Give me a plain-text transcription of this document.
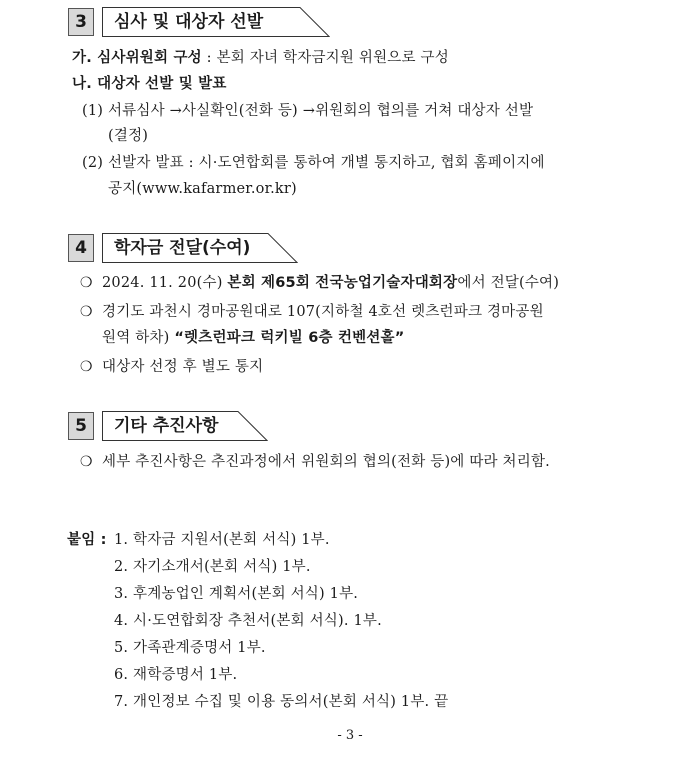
3	심사 및 대상자 선발
가. 심사위원회 구성 : 본회 자녀 학자금지원 위원으로 구성
나. 대상자 선발 및 발표
(1) 서류심사 →사실확인(전화 등) →위원회의 협의를 거쳐 대상자 선발
(결정)
(2) 선발자 발표 : 시·도연합회를 통하여 개별 통지하고, 협회 홈페이지에
공지(www.kafarmer.or.kr)
4	학자금 전달(수여)
❍ 2024. 11. 20(수) 본회 제65회 전국농업기술자대회장에서 전달(수여)
❍ 경기도 과천시 경마공원대로 107(지하철 4호선 렛츠런파크 경마공원
원역 하차) “렛츠런파크 럭키빌 6층 컨벤션홀”
❍ 대상자 선정 후 별도 통지
5	기타 추진사항
❍ 세부 추진사항은 추진과정에서 위원회의 협의(전화 등)에 따라 처리함.
붙임 : 1. 학자금 지원서(본회 서식) 1부.
2. 자기소개서(본회 서식) 1부.
3. 후계농업인 계획서(본회 서식) 1부.
4. 시·도연합회장 추천서(본회 서식). 1부.
5. 가족관계증명서 1부.
6. 재학증명서 1부.
7. 개인정보 수집 및 이용 동의서(본회 서식) 1부. 끝
- 3 -
